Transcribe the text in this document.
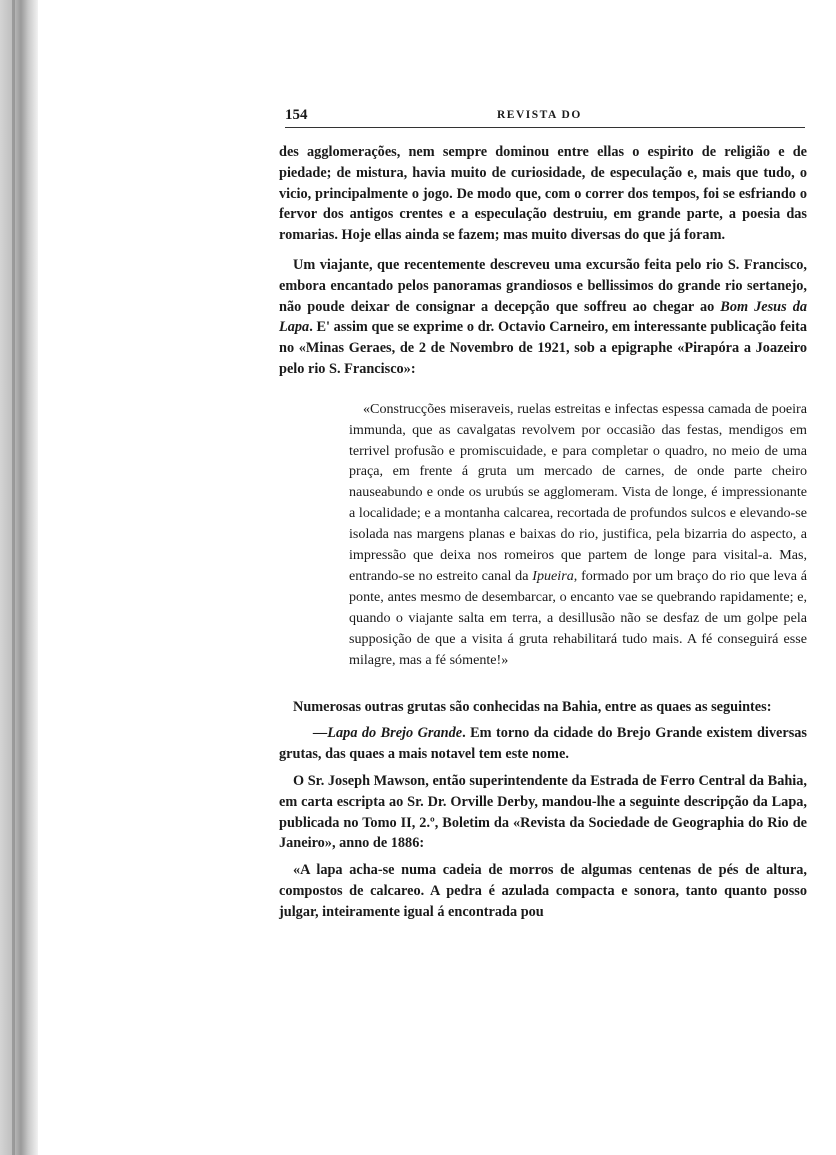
154	REVISTA DO

des agglomerações, nem sempre dominou entre ellas o espirito de religião e de piedade; de mistura, havia muito de curiosidade, de especulação e, mais que tudo, o vicio, principalmente o jogo. De modo que, com o correr dos tempos, foi se esfriando o fervor dos antigos crentes e a especulação destruiu, em grande parte, a poesia das romarias. Hoje ellas ainda se fazem; mas muito diversas do que já foram.

Um viajante, que recentemente descreveu uma excursão feita pelo rio S. Francisco, embora encantado pelos panoramas grandiosos e bellissimos do grande rio sertanejo, não poude deixar de consignar a decepção que soffreu ao chegar ao Bom Jesus da Lapa. E' assim que se exprime o dr. Octavio Carneiro, em interessante publicação feita no «Minas Geraes, de 2 de Novembro de 1921, sob a epigraphe «Pirapóra a Joazeiro pelo rio S. Francisco»:

«Construcções miseraveis, ruelas estreitas e infectas espessa camada de poeira immunda, que as cavalgatas revolvem por occasião das festas, mendigos em terrivel profusão e promiscuidade, e para completar o quadro, no meio de uma praça, em frente á gruta um mercado de carnes, de onde parte cheiro nauseabundo e onde os urubús se agglomeram. Vista de longe, é impressionante a localidade; e a montanha calcarea, recortada de profundos sulcos e elevando-se isolada nas margens planas e baixas do rio, justifica, pela bizarria do aspecto, a impressão que deixa nos romeiros que partem de longe para visital-a. Mas, entrando-se no estreito canal da Ipueira, formado por um braço do rio que leva á ponte, antes mesmo de desembarcar, o encanto vae se quebrando rapidamente; e, quando o viajante salta em terra, a desillusão não se desfaz de um golpe pela supposição de que a visita á gruta rehabilitará tudo mais. A fé conseguirá esse milagre, mas a fé sómente!»

Numerosas outras grutas são conhecidas na Bahia, entre as quaes as seguintes:

—Lapa do Brejo Grande. Em torno da cidade do Brejo Grande existem diversas grutas, das quaes a mais notavel tem este nome.

O Sr. Joseph Mawson, então superintendente da Estrada de Ferro Central da Bahia, em carta escripta ao Sr. Dr. Orville Derby, mandou-lhe a seguinte descripção da Lapa, publicada no Tomo II, 2.º, Boletim da «Revista da Sociedade de Geographia do Rio de Janeiro», anno de 1886:

«A lapa acha-se numa cadeia de morros de algumas centenas de pés de altura, compostos de calcareo. A pedra é azulada compacta e sonora, tanto quanto posso julgar, inteiramente igual á encontrada pou
